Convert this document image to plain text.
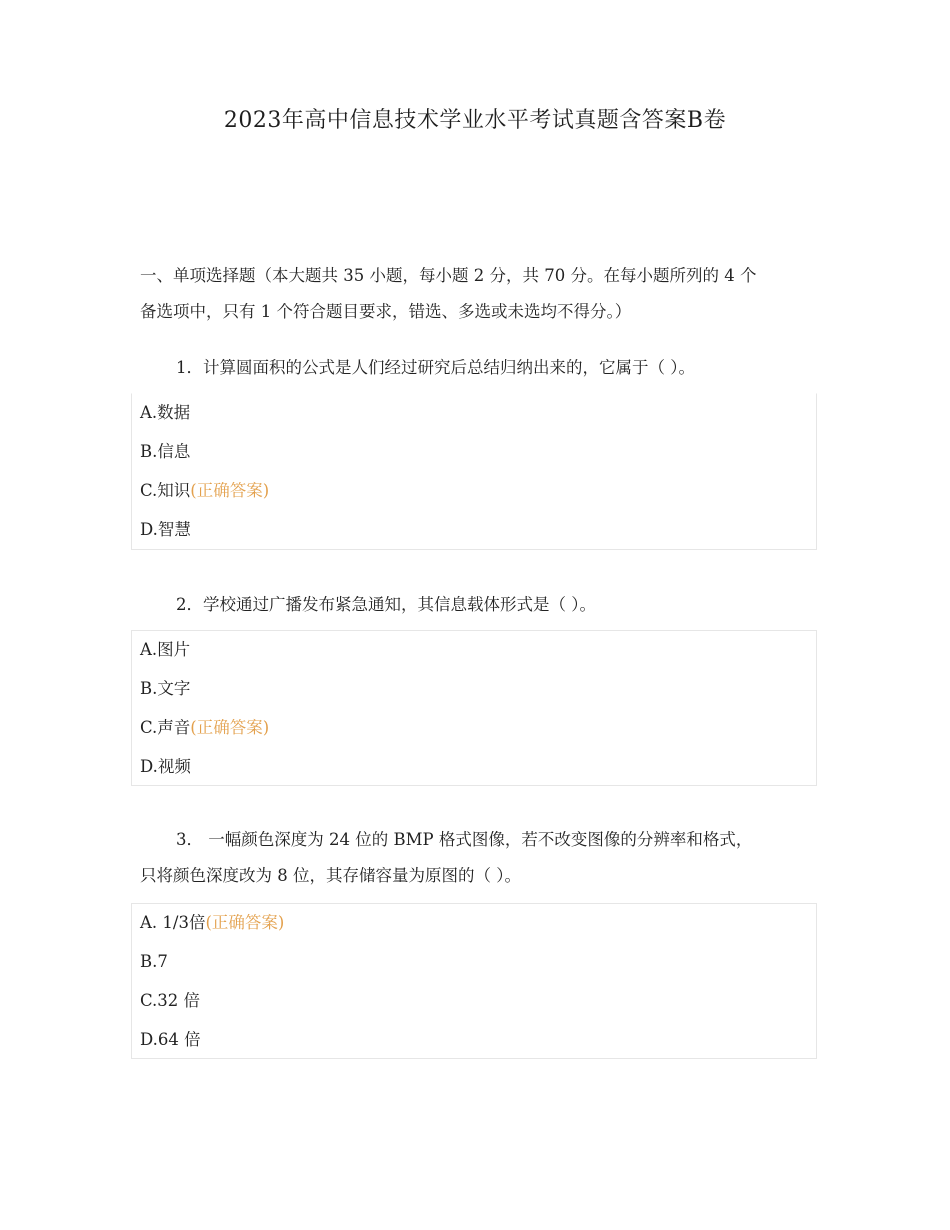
2023年高中信息技术学业水平考试真题含答案B卷
一、单项选择题（本大题共 35 小题，每小题 2 分，共 70 分。在每小题所列的 4 个
备选项中，只有 1 个符合题目要求，错选、多选或未选均不得分。）
1．计算圆面积的公式是人们经过研究后总结归纳出来的，它属于（ ）。
A.数据
B.信息
C.知识(正确答案)
D.智慧
2．学校通过广播发布紧急通知，其信息载体形式是（ ）。
A.图片
B.文字
C.声音(正确答案)
D.视频
3． 一幅颜色深度为 24 位的 BMP 格式图像，若不改变图像的分辨率和格式，
只将颜色深度改为 8 位，其存储容量为原图的（ ）。
A. 1/3倍(正确答案)
B.7
C.32 倍
D.64 倍
